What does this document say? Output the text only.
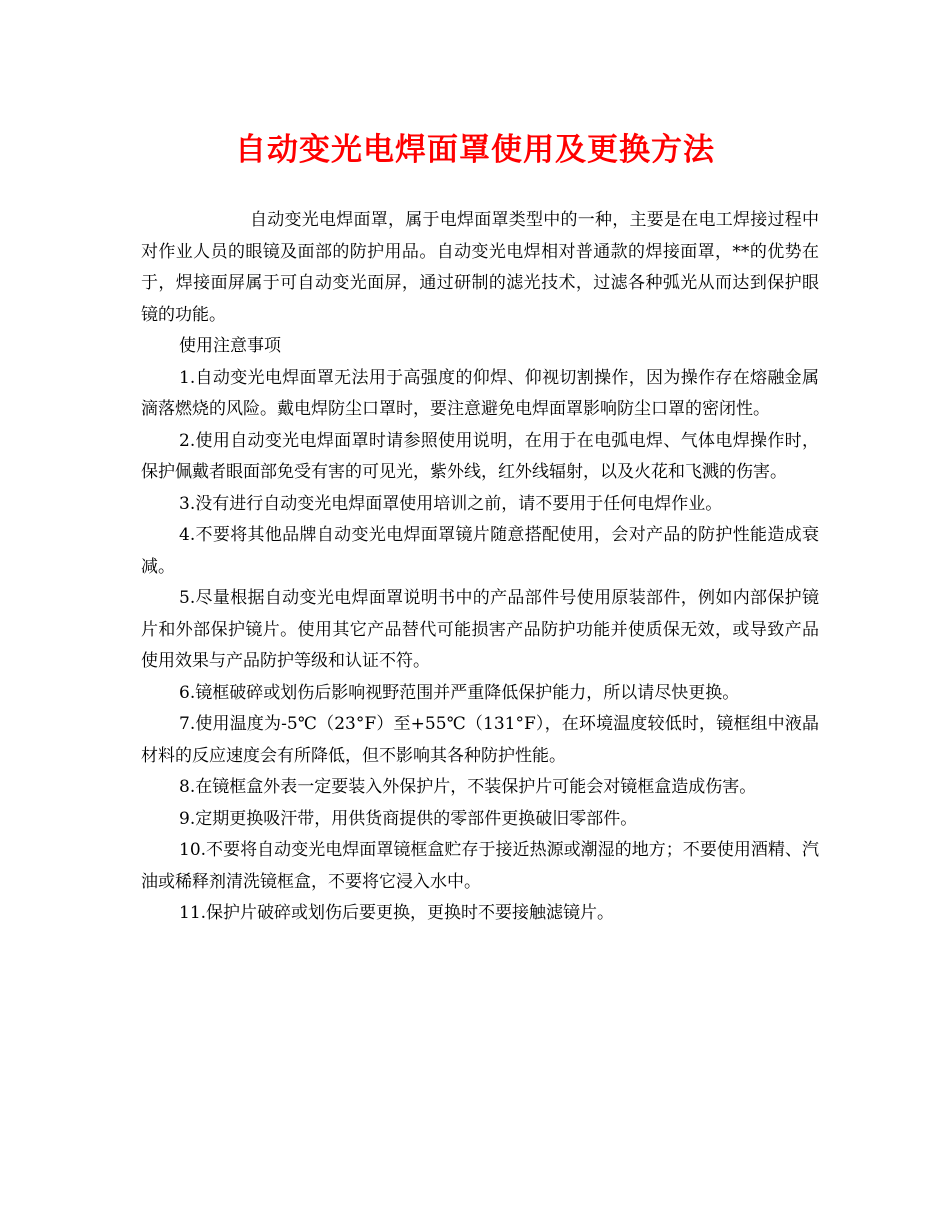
自动变光电焊面罩使用及更换方法

自动变光电焊面罩，属于电焊面罩类型中的一种，主要是在电工焊接过程中对作业人员的眼镜及面部的防护用品。自动变光电焊相对普通款的焊接面罩，**的优势在于，焊接面屏属于可自动变光面屏，通过研制的滤光技术，过滤各种弧光从而达到保护眼镜的功能。

使用注意事项

1.自动变光电焊面罩无法用于高强度的仰焊、仰视切割操作，因为操作存在熔融金属滴落燃烧的风险。戴电焊防尘口罩时，要注意避免电焊面罩影响防尘口罩的密闭性。

2.使用自动变光电焊面罩时请参照使用说明，在用于在电弧电焊、气体电焊操作时，保护佩戴者眼面部免受有害的可见光，紫外线，红外线辐射，以及火花和飞溅的伤害。

3.没有进行自动变光电焊面罩使用培训之前，请不要用于任何电焊作业。

4.不要将其他品牌自动变光电焊面罩镜片随意搭配使用，会对产品的防护性能造成衰减。

5.尽量根据自动变光电焊面罩说明书中的产品部件号使用原装部件，例如内部保护镜片和外部保护镜片。使用其它产品替代可能损害产品防护功能并使质保无效，或导致产品使用效果与产品防护等级和认证不符。

6.镜框破碎或划伤后影响视野范围并严重降低保护能力，所以请尽快更换。

7.使用温度为-5℃（23°F）至+55℃（131°F），在环境温度较低时，镜框组中液晶材料的反应速度会有所降低，但不影响其各种防护性能。

8.在镜框盒外表一定要装入外保护片，不装保护片可能会对镜框盒造成伤害。

9.定期更换吸汗带，用供货商提供的零部件更换破旧零部件。

10.不要将自动变光电焊面罩镜框盒贮存于接近热源或潮湿的地方；不要使用酒精、汽油或稀释剂清洗镜框盒，不要将它浸入水中。

11.保护片破碎或划伤后要更换，更换时不要接触滤镜片。
